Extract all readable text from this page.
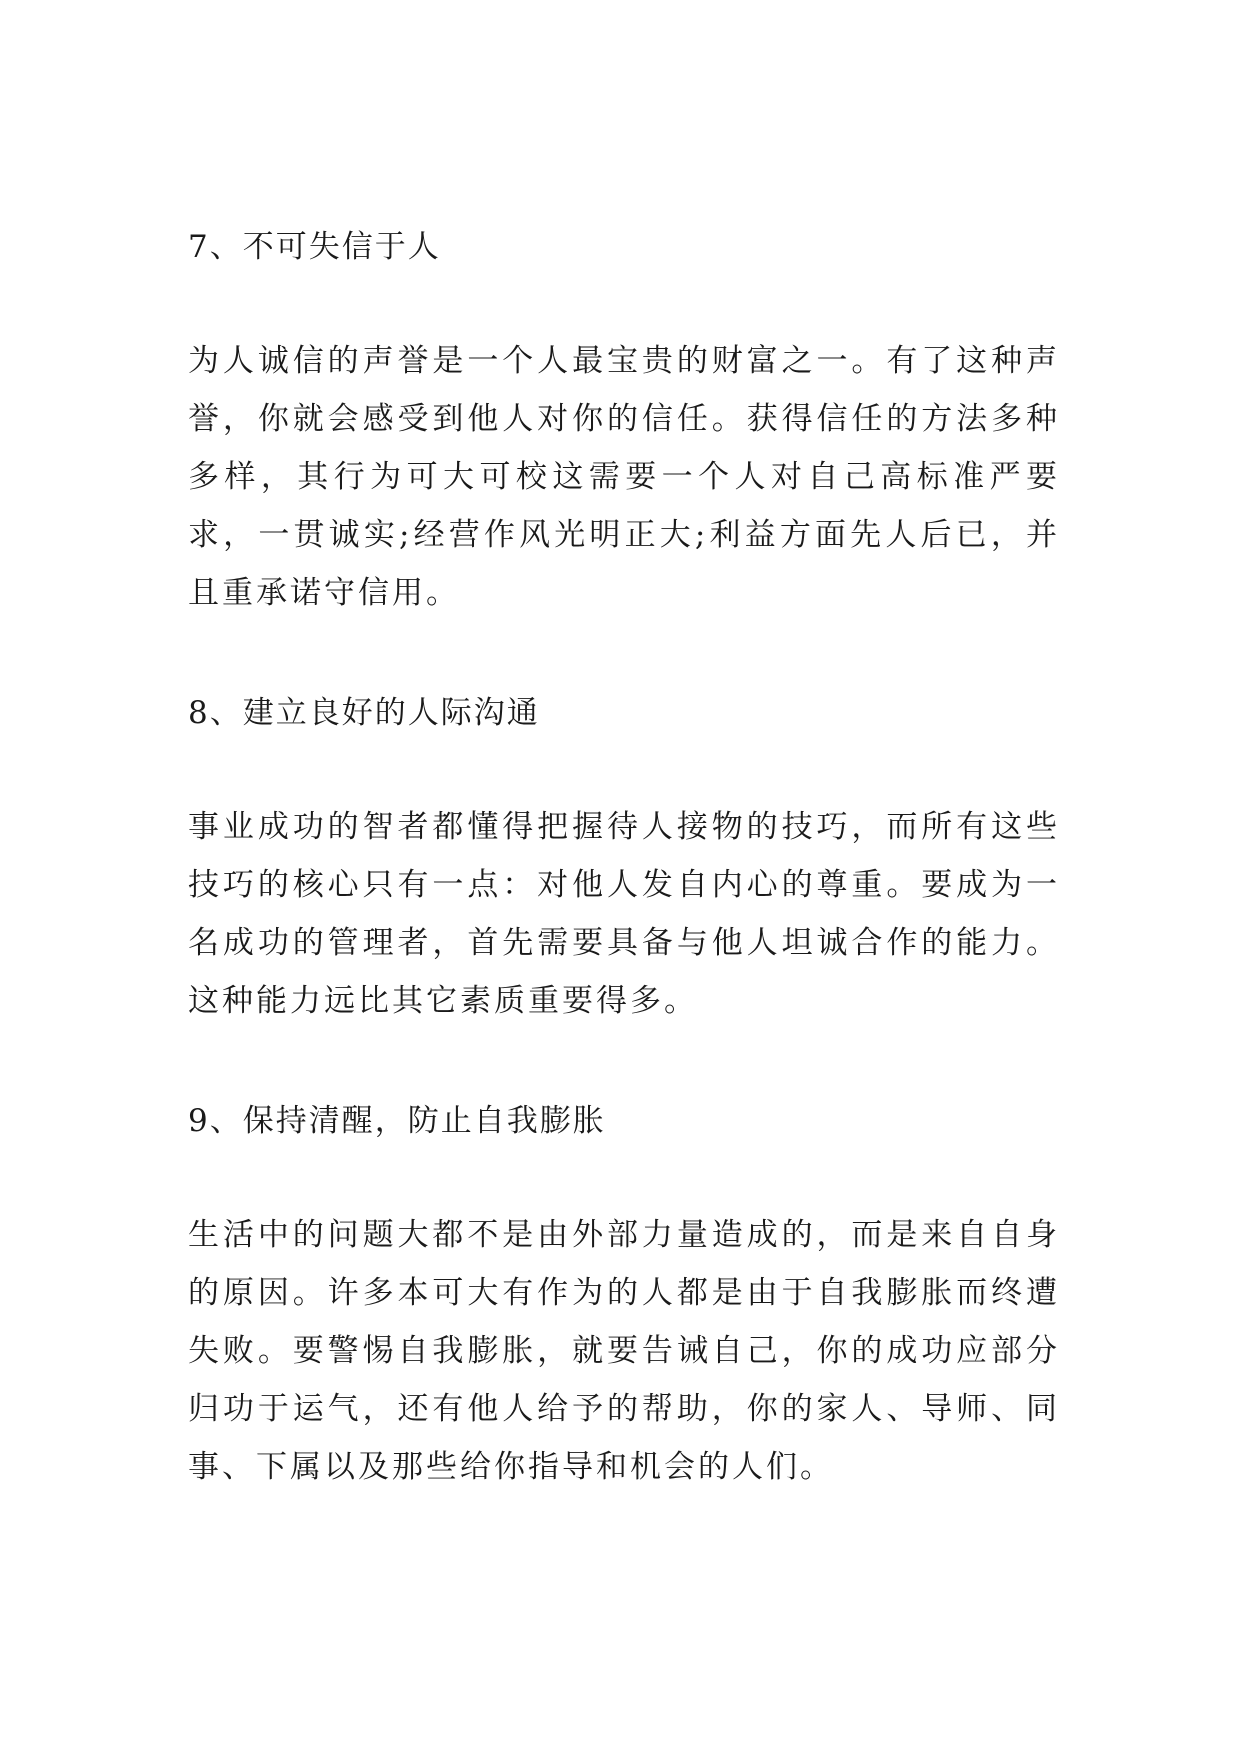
7、不可失信于人

为人诚信的声誉是一个人最宝贵的财富之一。有了这种声誉，你就会感受到他人对你的信任。获得信任的方法多种多样，其行为可大可校这需要一个人对自己高标准严要求，一贯诚实;经营作风光明正大;利益方面先人后已，并且重承诺守信用。

8、建立良好的人际沟通

事业成功的智者都懂得把握待人接物的技巧，而所有这些技巧的核心只有一点：对他人发自内心的尊重。要成为一名成功的管理者，首先需要具备与他人坦诚合作的能力。这种能力远比其它素质重要得多。

9、保持清醒，防止自我膨胀

生活中的问题大都不是由外部力量造成的，而是来自自身的原因。许多本可大有作为的人都是由于自我膨胀而终遭失败。要警惕自我膨胀，就要告诫自己，你的成功应部分归功于运气，还有他人给予的帮助，你的家人、导师、同事、下属以及那些给你指导和机会的人们。
